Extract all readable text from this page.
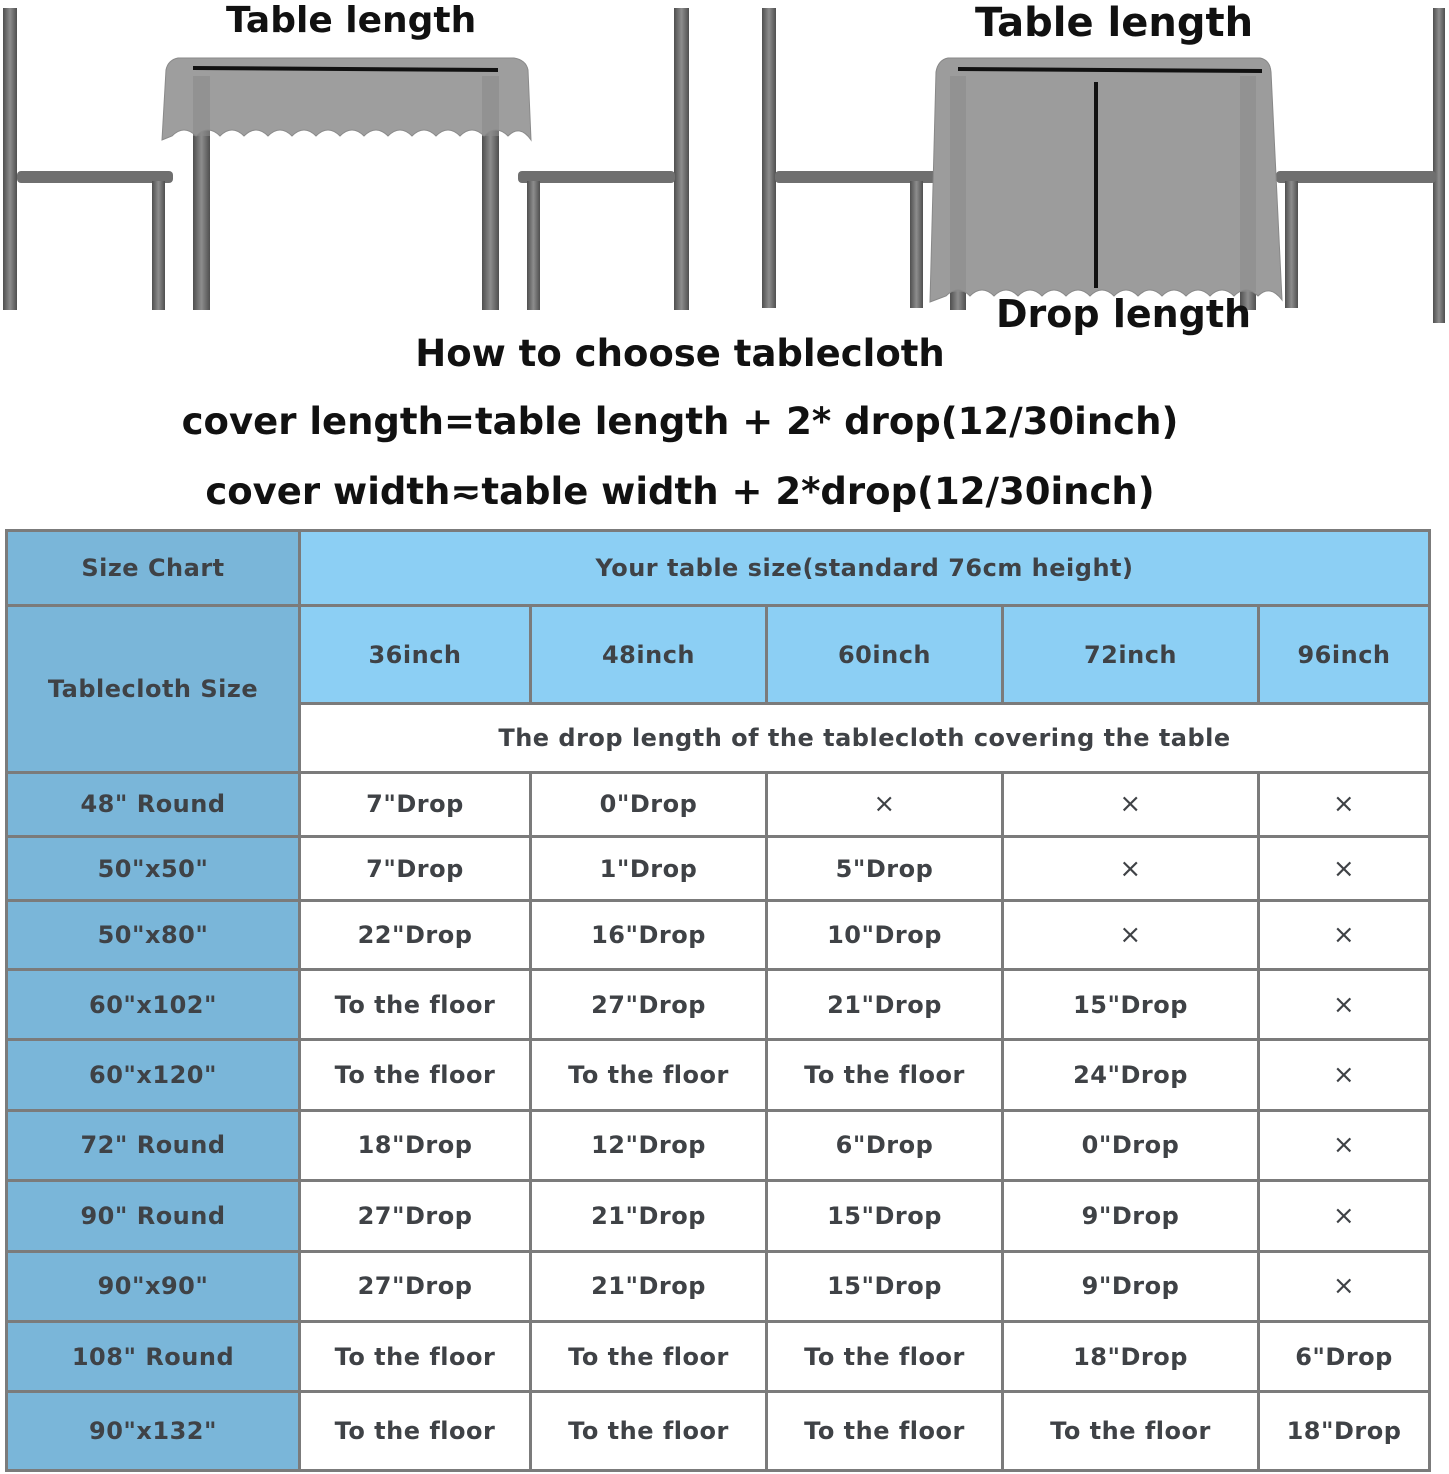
Table length	Table length
Drop length
How to choose tablecloth
cover length=table length + 2* drop(12/30inch)
cover width≂table width + 2*drop(12/30inch)
Size Chart	Your table size(standard 76cm height)				
Tablecloth Size	36inch	48inch	60inch	72inch	96inch
	The drop length of the tablecloth covering the table				
48" Round	7"Drop	0"Drop	×	×	×
50"x50"	7"Drop	1"Drop	5"Drop	×	×
50"x80"	22"Drop	16"Drop	10"Drop	×	×
60"x102"	To the floor	27"Drop	21"Drop	15"Drop	×
60"x120"	To the floor	To the floor	To the floor	24"Drop	×
72" Round	18"Drop	12"Drop	6"Drop	0"Drop	×
90" Round	27"Drop	21"Drop	15"Drop	9"Drop	×
90"x90"	27"Drop	21"Drop	15"Drop	9"Drop	×
108" Round	To the floor	To the floor	To the floor	18"Drop	6"Drop
90"x132"	To the floor	To the floor	To the floor	To the floor	18"Drop
